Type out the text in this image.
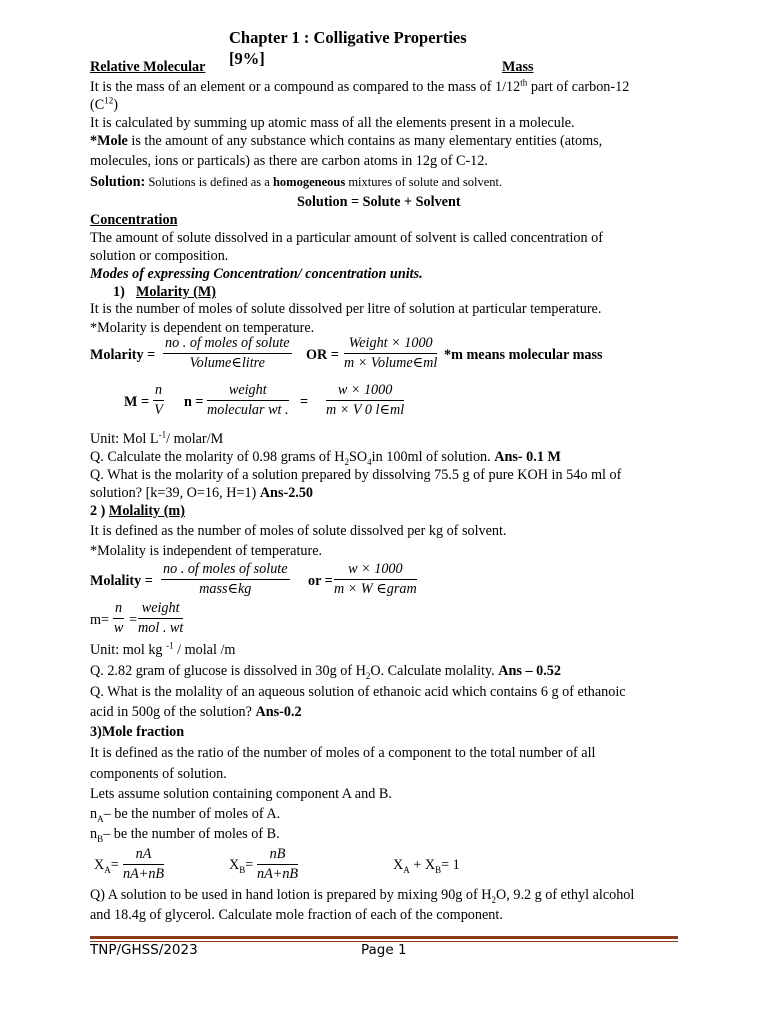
Chapter 1 : Colligative Properties
[9%]
Relative Molecular	Mass
It is the mass of an element or a compound as compared to the mass of 1/12th part of carbon-12
$(C^{12})$
It is calculated by summing up atomic mass of all the elements present in a molecule.
*Mole is the amount of any substance which contains as many elementary entities (atoms,
molecules, ions or particals) as there are carbon atoms in 12g of C-12.
Solution: Solutions is defined as a homogeneous mixtures of solute and solvent.
Solution = Solute + Solvent
Concentration
The amount of solute dissolved in a particular amount of solvent is called concentration of
solution or composition.
Modes of expressing Concentration/ concentration units.
1) Molarity (M)
It is the number of moles of solute dissolved per litre of solution at particular temperature.
*Molarity is dependent on temperature.
Molarity =
no . of moles of solute
Volume∈litre	OR =
Weight × 1000
m × Volume∈ml *m means molecular mass
$M = \frac{n}{V}$ n =
weight
molecular wt . = $\frac{w \times 1000}{m \times V 0 l\in ml}$
Unit: Mol $L^{-1}/$ molar/M
Q. Calculate the molarity of 0.98 grams of $H_2SO_4in$ 100ml of solution. Ans- 0.1 M
Q. What is the molarity of a solution prepared by dissolving 75.5 g of pure KOH in 54o ml of
solution? [k=39, O=16, H=1) Ans-2.50
2 ) Molality (m)
It is defined as the number of moles of solute dissolved per kg of solvent.
*Molality is independent of temperature.
Molality =
no . of moles of solute
mass∈kg	or =
w × 1000
m × W ∈gram
$m= \frac{n}{w}$ =
weight
mol . wt
Unit: mol kg $^{-1}$ / molal /m
Q. 2.82 gram of glucose is dissolved in 30g of $H_2O$. Calculate molality. Ans – 0.52
Q. What is the molality of an aqueous solution of ethanoic acid which contains 6 g of ethanoic
acid in 500g of the solution? Ans-0.2
3)Mole fraction
It is defined as the ratio of the number of moles of a component to the total number of all
components of solution.
Lets assume solution containing component A and B.
$n_A-$ be the number of moles of A.
$n_B-$ be the number of moles of B.
$X_A= \frac{nA}{nA+nB}$	$X_B= \frac{nB}{nA+nB}$	$X_A + X_B= 1$
Q) A solution to be used in hand lotion is prepared by mixing 90g of $H_2O$, 9.2 g of ethyl alcohol
and 18.4g of glycerol. Calculate mole fraction of each of the component.
TNP/GHSS/2023	Page 1
